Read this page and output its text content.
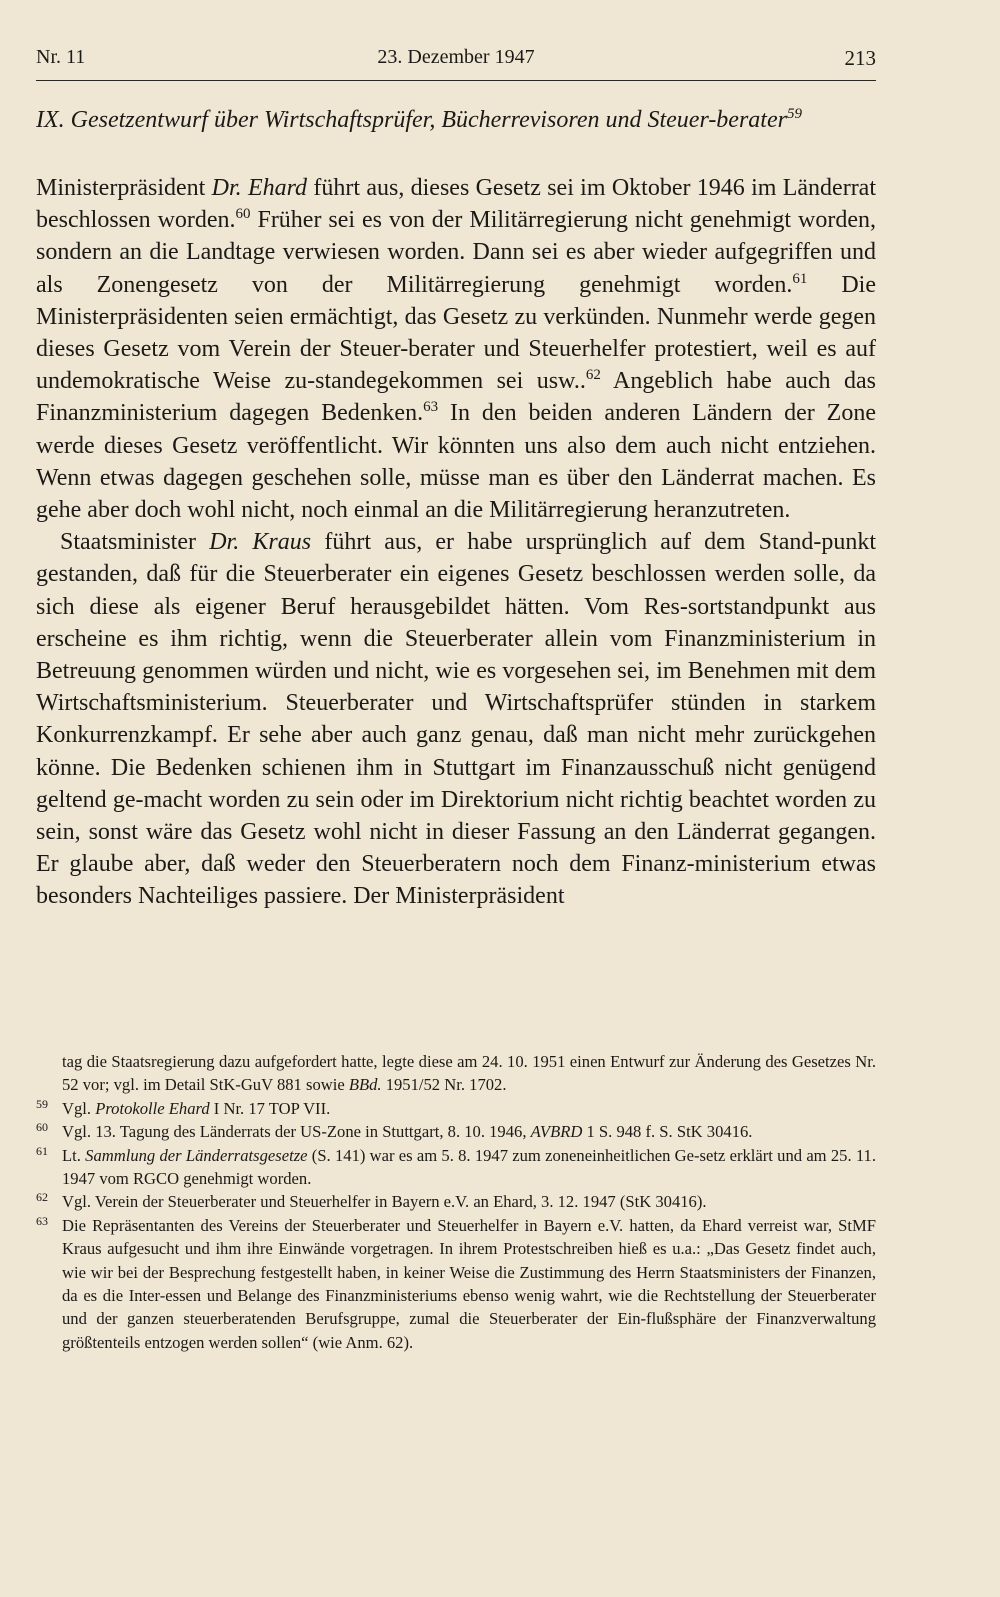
Nr. 11	23. Dezember 1947	213
IX. Gesetzentwurf über Wirtschaftsprüfer, Bücherrevisoren und Steuer-berater$^{59}$

Ministerpräsident Dr. Ehard führt aus, dieses Gesetz sei im Oktober 1946 im Länderrat beschlossen worden.$^{60}$ Früher sei es von der Militärregierung nicht genehmigt worden, sondern an die Landtage verwiesen worden. Dann sei es aber wieder aufgegriffen und als Zonengesetz von der Militärregierung genehmigt worden.$^{61}$ Die Ministerpräsidenten seien ermächtigt, das Gesetz zu verkünden. Nunmehr werde gegen dieses Gesetz vom Verein der Steuer-berater und Steuerhelfer protestiert, weil es auf undemokratische Weise zu-standegekommen sei usw..$^{62}$ Angeblich habe auch das Finanzministerium dagegen Bedenken.$^{63}$ In den beiden anderen Ländern der Zone werde dieses Gesetz veröffentlicht. Wir könnten uns also dem auch nicht entziehen. Wenn etwas dagegen geschehen solle, müsse man es über den Länderrat machen. Es gehe aber doch wohl nicht, noch einmal an die Militärregierung heranzutreten.

Staatsminister Dr. Kraus führt aus, er habe ursprünglich auf dem Stand-punkt gestanden, daß für die Steuerberater ein eigenes Gesetz beschlossen werden solle, da sich diese als eigener Beruf herausgebildet hätten. Vom Res-sortstandpunkt aus erscheine es ihm richtig, wenn die Steuerberater allein vom Finanzministerium in Betreuung genommen würden und nicht, wie es vorgesehen sei, im Benehmen mit dem Wirtschaftsministerium. Steuerberater und Wirtschaftsprüfer stünden in starkem Konkurrenzkampf. Er sehe aber auch ganz genau, daß man nicht mehr zurückgehen könne. Die Bedenken schienen ihm in Stuttgart im Finanzausschuß nicht genügend geltend ge-macht worden zu sein oder im Direktorium nicht richtig beachtet worden zu sein, sonst wäre das Gesetz wohl nicht in dieser Fassung an den Länderrat gegangen. Er glaube aber, daß weder den Steuerberatern noch dem Finanz-ministerium etwas besonders Nachteiliges passiere. Der Ministerpräsident

tag die Staatsregierung dazu aufgefordert hatte, legte diese am 24. 10. 1951 einen Entwurf zur Änderung des Gesetzes Nr. 52 vor; vgl. im Detail StK-GuV 881 sowie BBd. 1951/52 Nr. 1702.

59 Vgl. Protokolle Ehard I Nr. 17 TOP VII.
60 Vgl. 13. Tagung des Länderrats der US-Zone in Stuttgart, 8. 10. 1946, AVBRD 1 S. 948 f. S. StK 30416.
61 Lt. Sammlung der Länderratsgesetze (S. 141) war es am 5. 8. 1947 zum zoneneinheitlichen Ge-setz erklärt und am 25. 11. 1947 vom RGCO genehmigt worden.
62 Vgl. Verein der Steuerberater und Steuerhelfer in Bayern e.V. an Ehard, 3. 12. 1947 (StK 30416).
63 Die Repräsentanten des Vereins der Steuerberater und Steuerhelfer in Bayern e.V. hatten, da Ehard verreist war, StMF Kraus aufgesucht und ihm ihre Einwände vorgetragen. In ihrem Protestschreiben hieß es u.a.: „Das Gesetz findet auch, wie wir bei der Besprechung festgestellt haben, in keiner Weise die Zustimmung des Herrn Staatsministers der Finanzen, da es die Inter-essen und Belange des Finanzministeriums ebenso wenig wahrt, wie die Rechtstellung der Steuerberater und der ganzen steuerberatenden Berufsgruppe, zumal die Steuerberater der Ein-flußsphäre der Finanzverwaltung größtenteils entzogen werden sollen“ (wie Anm. 62).
